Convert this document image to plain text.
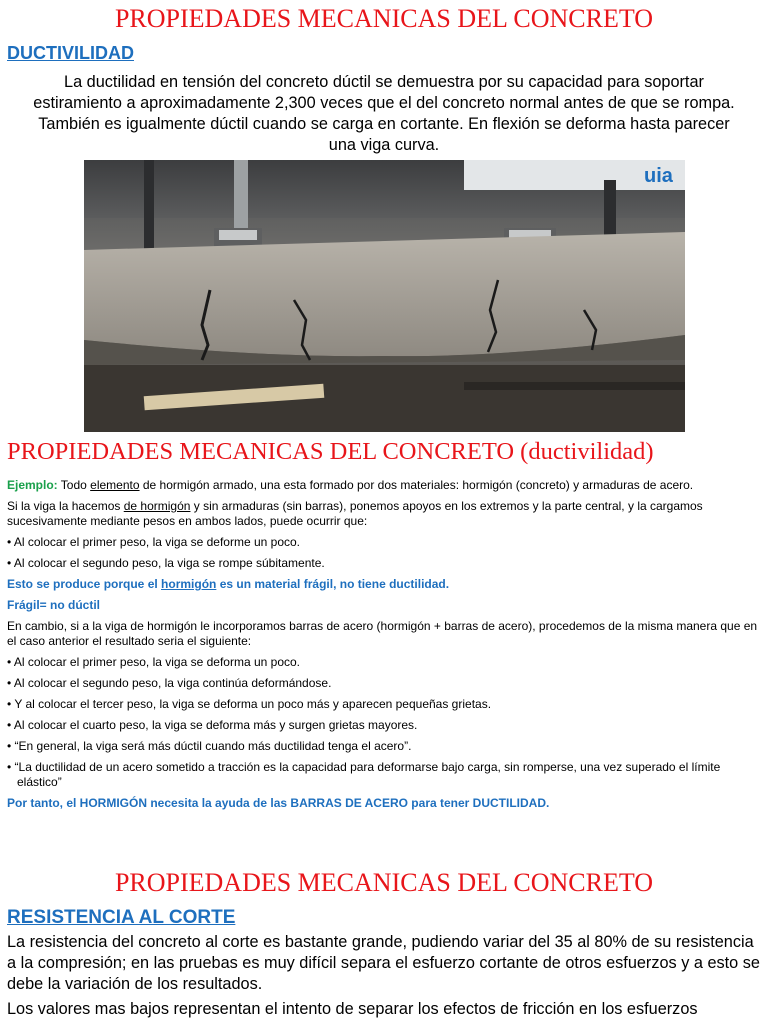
PROPIEDADES MECANICAS DEL CONCRETO
DUCTIVILIDAD
La ductilidad en tensión del concreto dúctil se demuestra por su capacidad para soportar
estiramiento a aproximadamente 2,300 veces que el del concreto normal antes de que se rompa.
También es igualmente dúctil cuando se carga en cortante. En flexión se deforma hasta parecer
una viga curva.
uia
PROPIEDADES MECANICAS DEL CONCRETO (ductivilidad)
Ejemplo: Todo elemento de hormigón armado, una esta formado por dos materiales: hormigón (concreto) y armaduras de acero.
Si la viga la hacemos de hormigón y sin armaduras (sin barras), ponemos apoyos en los extremos y la parte central, y la cargamos sucesivamente mediante pesos en ambos lados, puede ocurrir que:
• Al colocar el primer peso, la viga se deforme un poco.
• Al colocar el segundo peso, la viga se rompe súbitamente.
Esto se produce porque el hormigón es un material frágil, no tiene ductilidad.
Frágil= no dúctil
En cambio, si a la viga de hormigón le incorporamos barras de acero (hormigón + barras de acero), procedemos de la misma manera que en el caso anterior el resultado seria el siguiente:
• Al colocar el primer peso, la viga se deforma un poco.
• Al colocar el segundo peso, la viga continúa deformándose.
• Y al colocar el tercer peso, la viga se deforma un poco más y aparecen pequeñas grietas.
• Al colocar el cuarto peso, la viga se deforma más y surgen grietas mayores.
• “En general, la viga será más dúctil cuando más ductilidad tenga el acero”.
• “La ductilidad de un acero sometido a tracción es la capacidad para deformarse bajo carga, sin romperse, una vez superado el límite elástico”
Por tanto, el HORMIGÓN necesita la ayuda de las BARRAS DE ACERO para tener DUCTILIDAD.
PROPIEDADES MECANICAS DEL CONCRETO
RESISTENCIA AL CORTE
La resistencia del concreto al corte es bastante grande, pudiendo variar del 35 al 80% de su resistencia a la compresión; en las pruebas es muy difícil separa el esfuerzo cortante de otros esfuerzos y a esto se debe la variación de los resultados.
Los valores mas bajos representan el intento de separar los efectos de fricción en los esfuerzos
